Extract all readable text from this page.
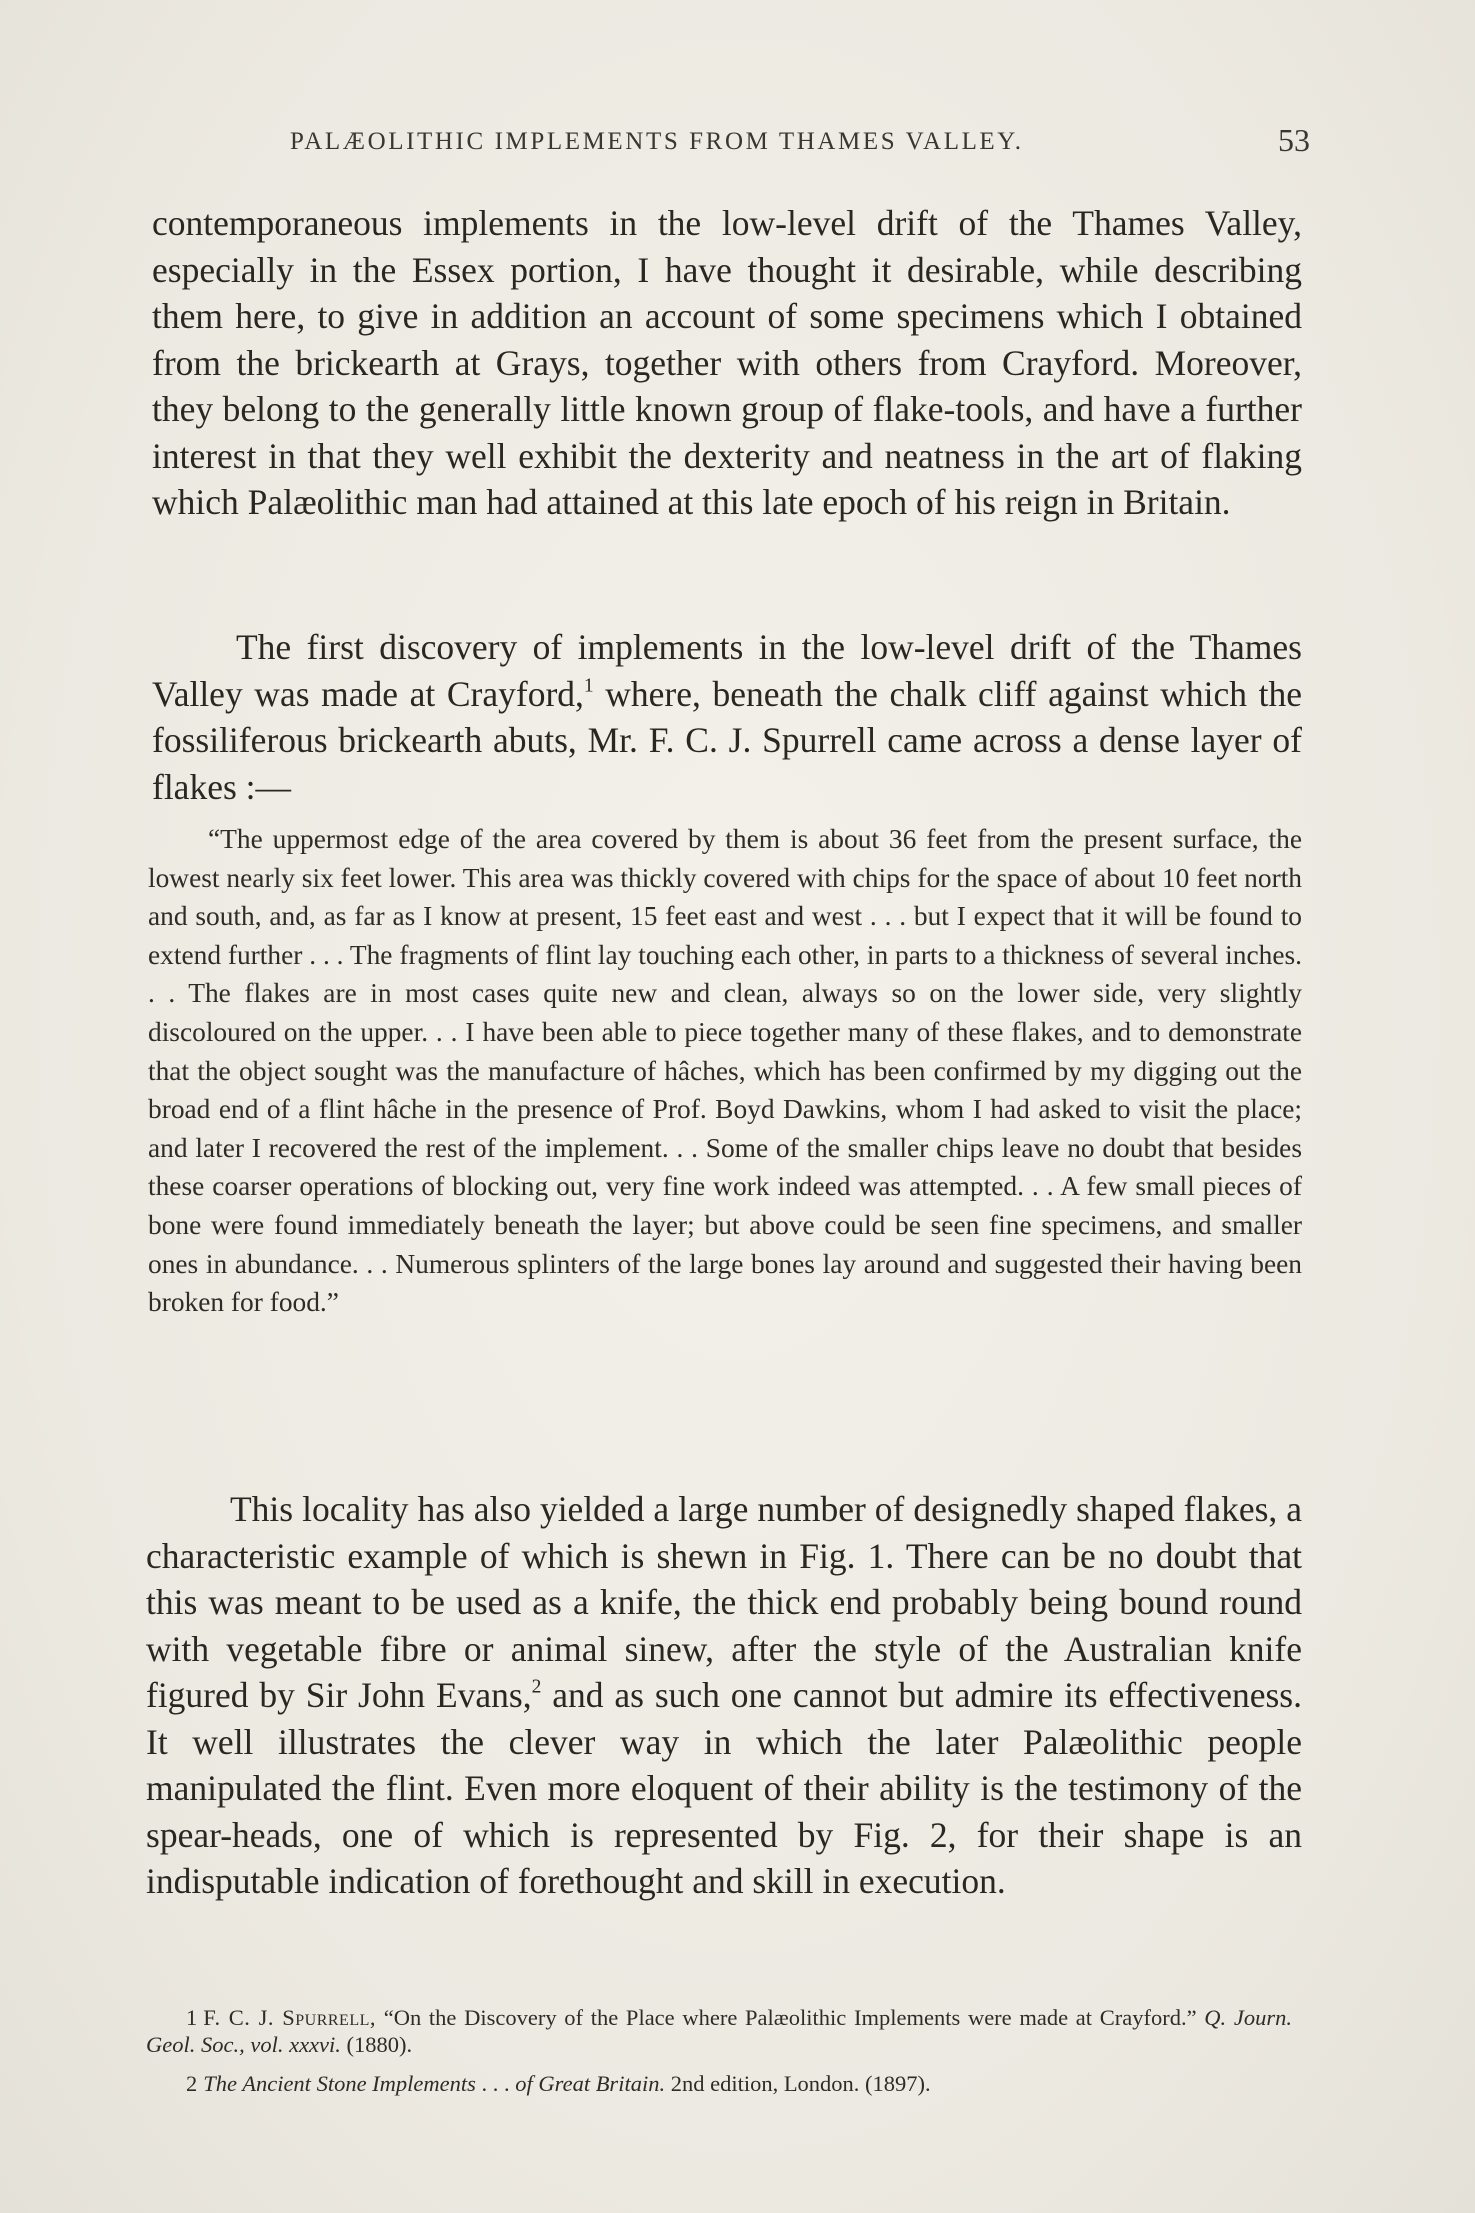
PALÆOLITHIC IMPLEMENTS FROM THAMES VALLEY.	53

contemporaneous implements in the low-level drift of the Thames Valley, especially in the Essex portion, I have thought it desirable, while describing them here, to give in addition an account of some specimens which I obtained from the brickearth at Grays, together with others from Crayford. Moreover, they belong to the generally little known group of flake-tools, and have a further interest in that they well exhibit the dexterity and neatness in the art of flaking which Palæolithic man had attained at this late epoch of his reign in Britain.

The first discovery of implements in the low-level drift of the Thames Valley was made at Crayford,$^1$ where, beneath the chalk cliff against which the fossiliferous brickearth abuts, Mr. F. C. J. Spurrell came across a dense layer of flakes :—

“The uppermost edge of the area covered by them is about 36 feet from the present surface, the lowest nearly six feet lower. This area was thickly covered with chips for the space of about 10 feet north and south, and, as far as I know at present, 15 feet east and west . . . but I expect that it will be found to extend further . . . The fragments of flint lay touching each other, in parts to a thickness of several inches. . . The flakes are in most cases quite new and clean, always so on the lower side, very slightly discoloured on the upper. . . I have been able to piece together many of these flakes, and to demonstrate that the object sought was the manufacture of hâches, which has been confirmed by my digging out the broad end of a flint hâche in the presence of Prof. Boyd Dawkins, whom I had asked to visit the place; and later I recovered the rest of the implement. . . Some of the smaller chips leave no doubt that besides these coarser operations of blocking out, very fine work indeed was attempted. . . A few small pieces of bone were found immediately beneath the layer; but above could be seen fine specimens, and smaller ones in abundance. . . Numerous splinters of the large bones lay around and suggested their having been broken for food.”

This locality has also yielded a large number of designedly shaped flakes, a characteristic example of which is shewn in Fig. 1. There can be no doubt that this was meant to be used as a knife, the thick end probably being bound round with vegetable fibre or animal sinew, after the style of the Australian knife figured by Sir John Evans,$^2$ and as such one cannot but admire its effectiveness. It well illustrates the clever way in which the later Palæolithic people manipulated the flint. Even more eloquent of their ability is the testimony of the spear-heads, one of which is represented by Fig. 2, for their shape is an indisputable indication of forethought and skill in execution.

1 F. C. J. Spurrell, “On the Discovery of the Place where Palæolithic Implements were made at Crayford.” Q. Journ. Geol. Soc., vol. xxxvi. (1880).

2 The Ancient Stone Implements . . . of Great Britain. 2nd edition, London. (1897).
